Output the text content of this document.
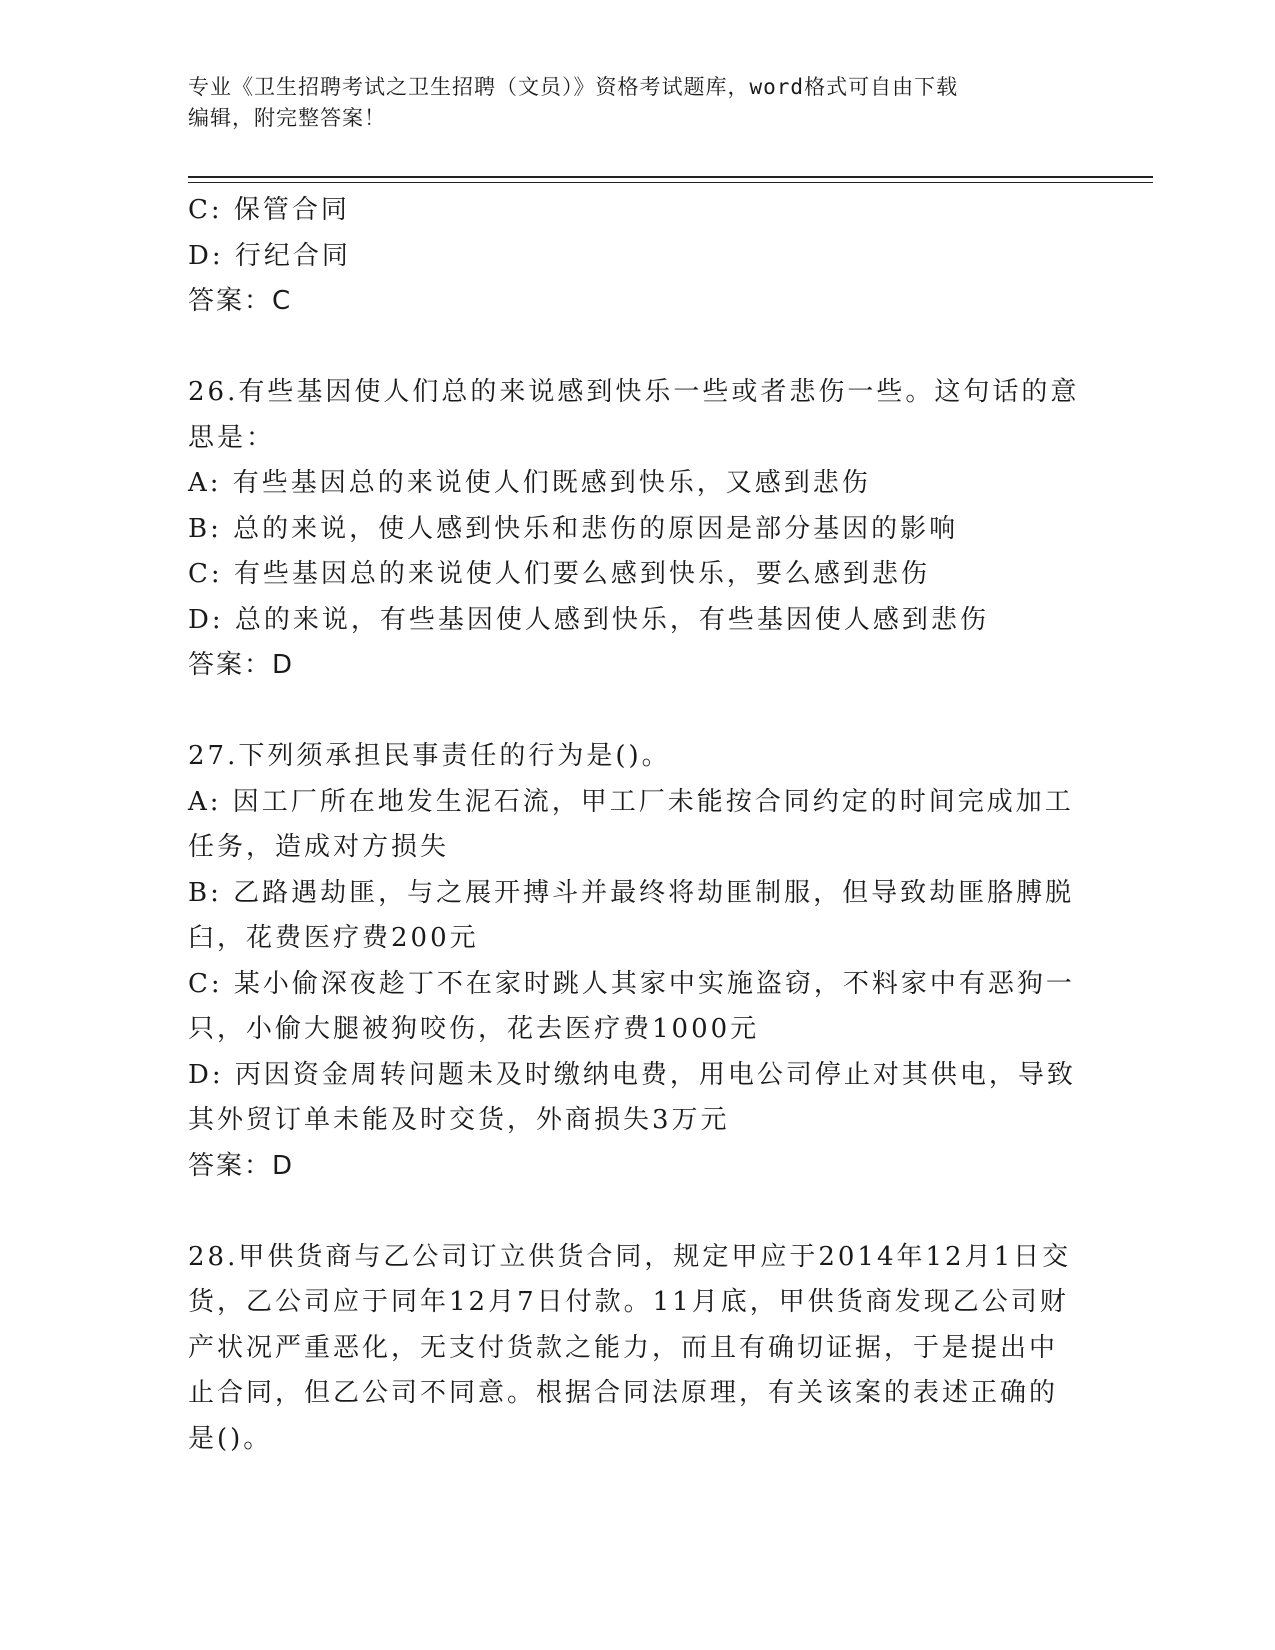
专业《卫生招聘考试之卫生招聘（文员）》资格考试题库，word格式可自由下载
编辑，附完整答案！
C: 保管合同
D: 行纪合同
答案：C
26.有些基因使人们总的来说感到快乐一些或者悲伤一些。这句话的意
思是：
A: 有些基因总的来说使人们既感到快乐，又感到悲伤
B: 总的来说，使人感到快乐和悲伤的原因是部分基因的影响
C: 有些基因总的来说使人们要么感到快乐，要么感到悲伤
D: 总的来说，有些基因使人感到快乐，有些基因使人感到悲伤
答案：D
27.下列须承担民事责任的行为是()。
A: 因工厂所在地发生泥石流，甲工厂未能按合同约定的时间完成加工
任务，造成对方损失
B: 乙路遇劫匪，与之展开搏斗并最终将劫匪制服，但导致劫匪胳膊脱
臼，花费医疗费200元
C: 某小偷深夜趁丁不在家时跳人其家中实施盗窃，不料家中有恶狗一
只，小偷大腿被狗咬伤，花去医疗费1000元
D: 丙因资金周转问题未及时缴纳电费，用电公司停止对其供电，导致
其外贸订单未能及时交货，外商损失3万元
答案：D
28.甲供货商与乙公司订立供货合同，规定甲应于2014年12月1日交
货，乙公司应于同年12月7日付款。11月底，甲供货商发现乙公司财
产状况严重恶化，无支付货款之能力，而且有确切证据，于是提出中
止合同，但乙公司不同意。根据合同法原理，有关该案的表述正确的
是()。
